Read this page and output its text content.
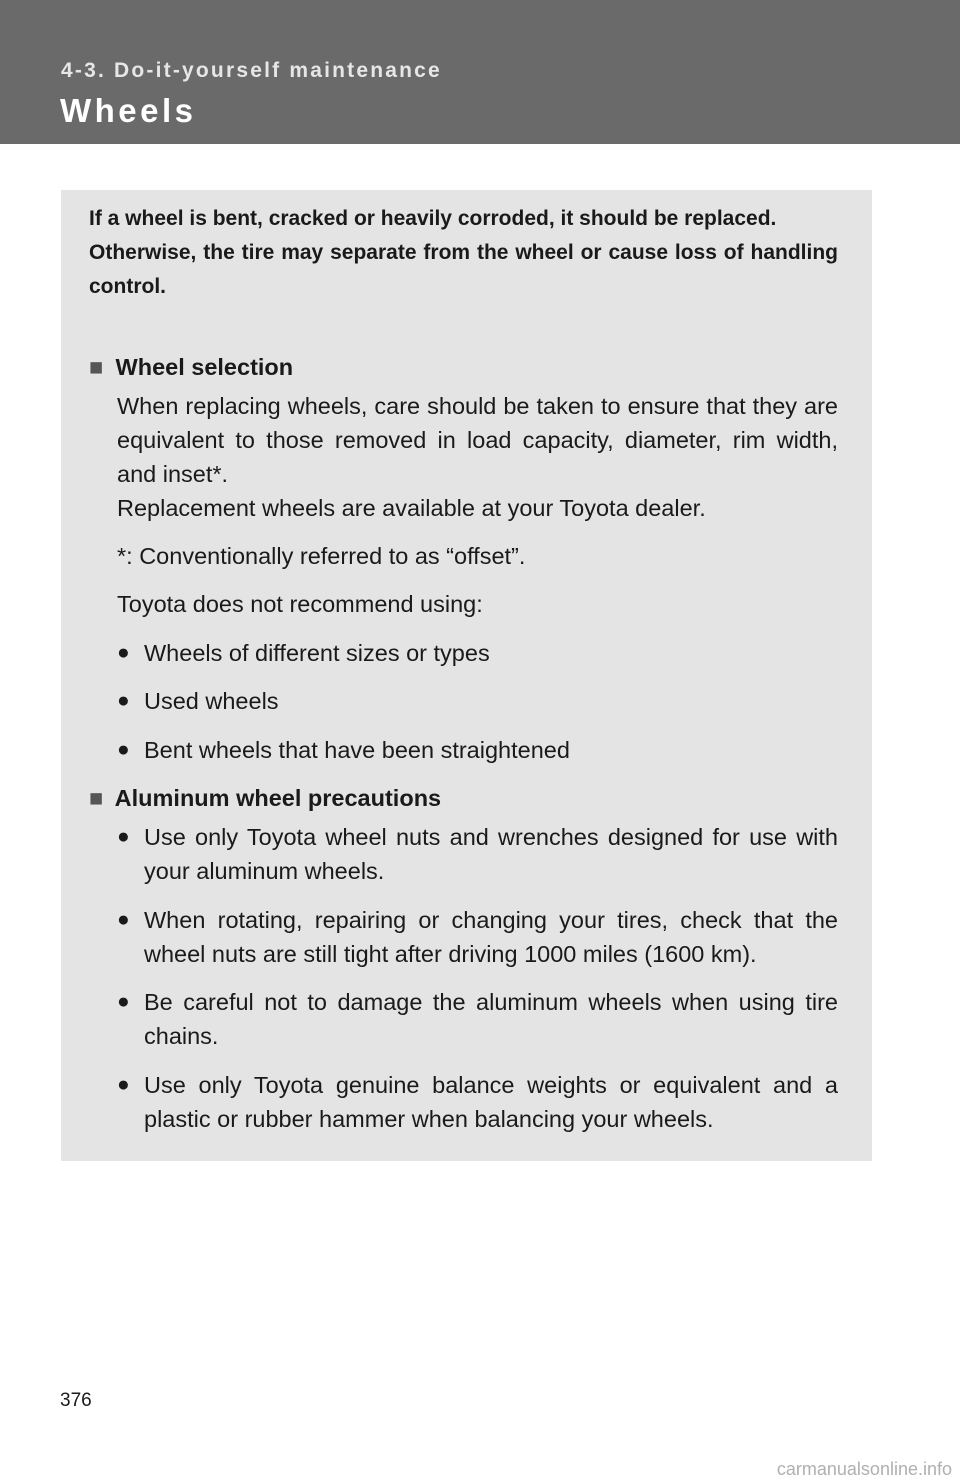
4-3. Do-it-yourself maintenance
Wheels

If a wheel is bent, cracked or heavily corroded, it should be replaced.

Otherwise, the tire may separate from the wheel or cause loss of handling control.

■ Wheel selection

When replacing wheels, care should be taken to ensure that they are equivalent to those removed in load capacity, diameter, rim width, and inset*.

Replacement wheels are available at your Toyota dealer.

*: Conventionally referred to as “offset”.
Toyota does not recommend using:
● Wheels of different sizes or types
● Used wheels
● Bent wheels that have been straightened
■ Aluminum wheel precautions
● Use only Toyota wheel nuts and wrenches designed for use with your aluminum wheels.
● When rotating, repairing or changing your tires, check that the wheel nuts are still tight after driving 1000 miles (1600 km).
● Be careful not to damage the aluminum wheels when using tire chains.
● Use only Toyota genuine balance weights or equivalent and a plastic or rubber hammer when balancing your wheels.
376
carmanualsonline.info
